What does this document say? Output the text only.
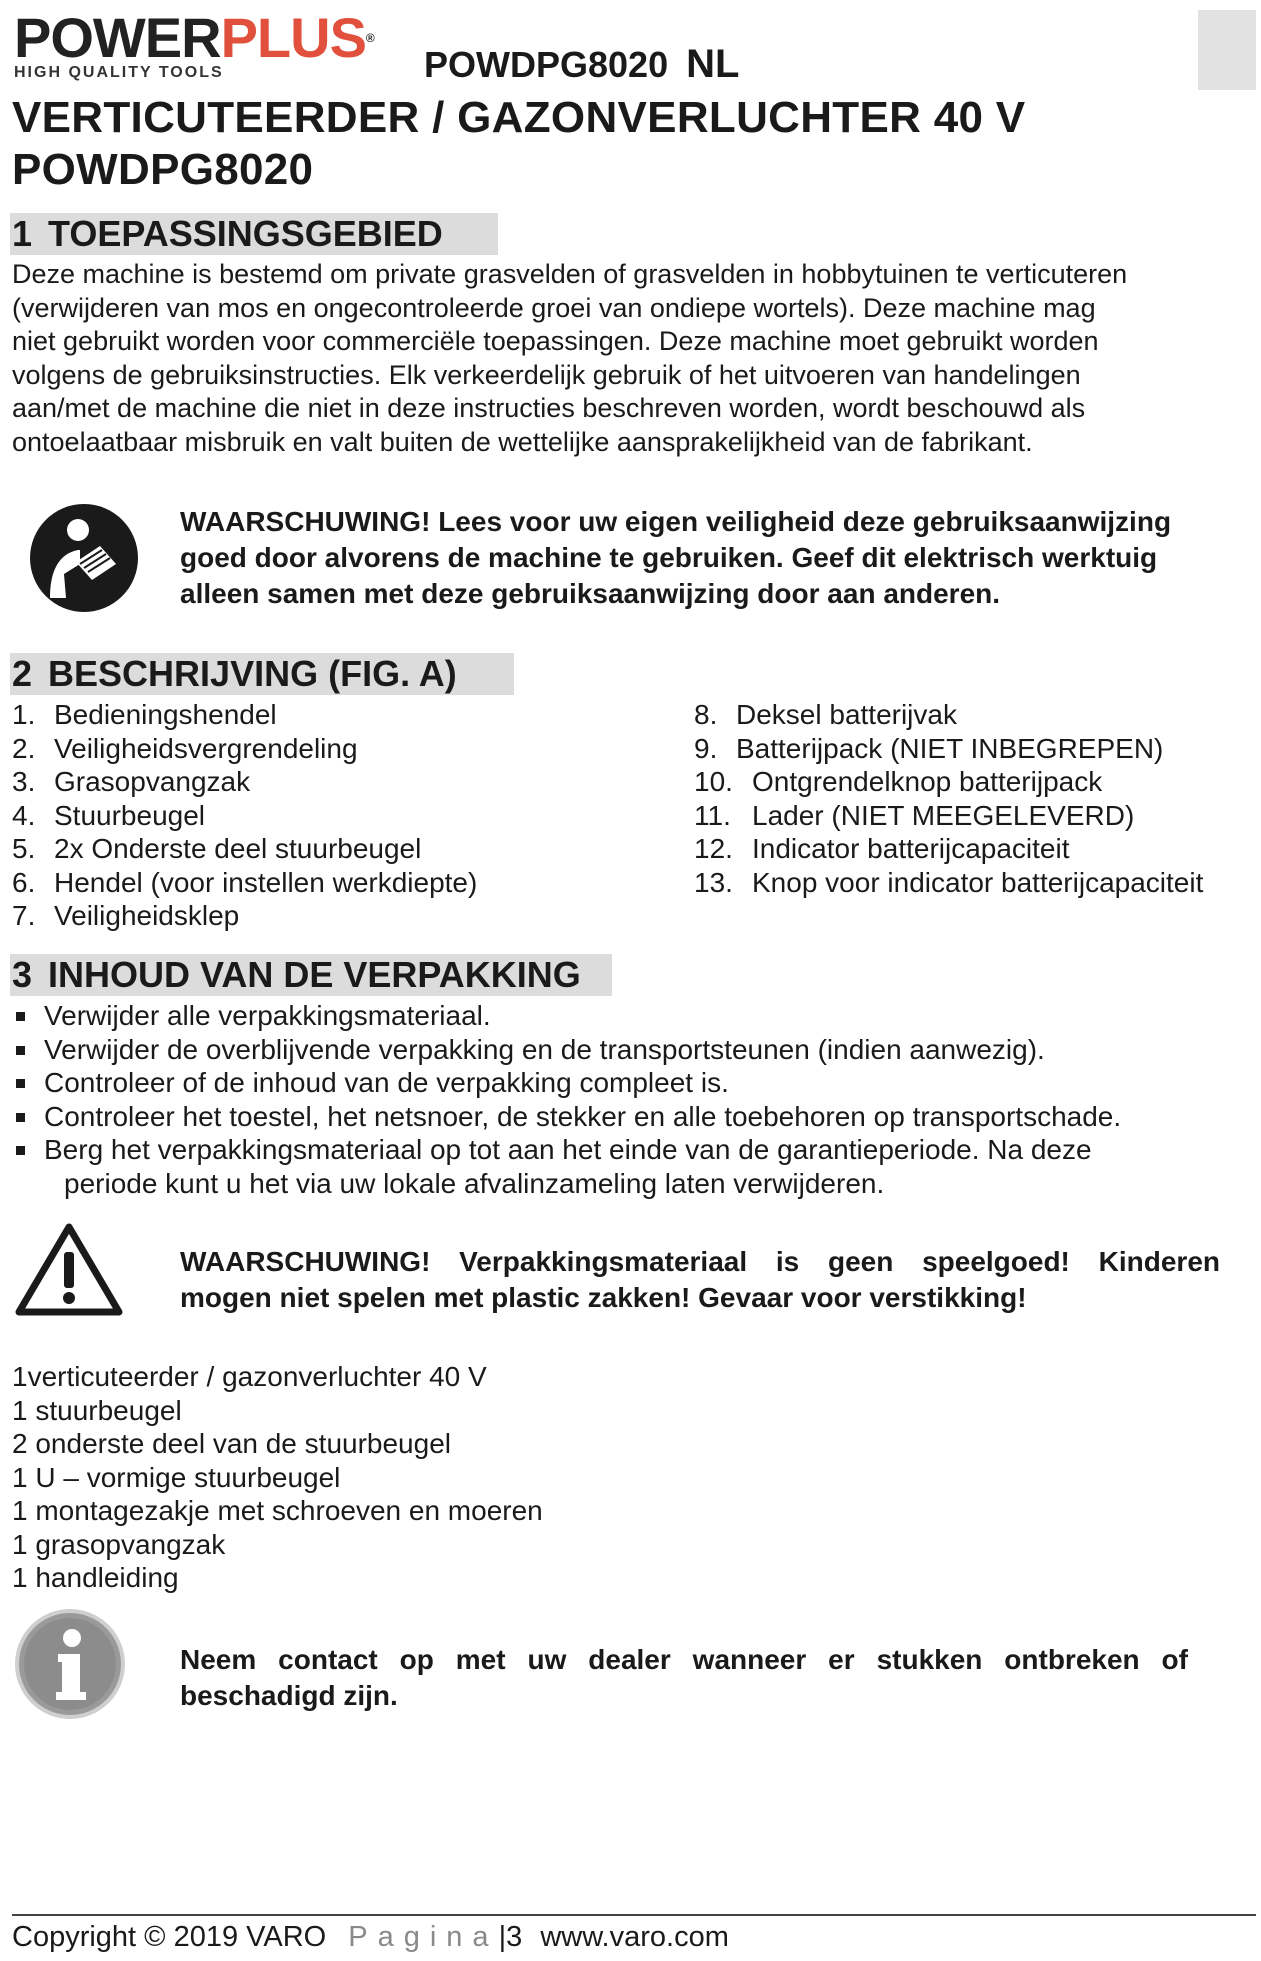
POWERPLUS®
HIGH QUALITY TOOLS	POWDPG8020 NL
VERTICUTEERDER / GAZONVERLUCHTER 40 V
POWDPG8020
1 TOEPASSINGSGEBIED
Deze machine is bestemd om private grasvelden of grasvelden in hobbytuinen te verticuteren
(verwijderen van mos en ongecontroleerde groei van ondiepe wortels). Deze machine mag
niet gebruikt worden voor commerciële toepassingen. Deze machine moet gebruikt worden
volgens de gebruiksinstructies. Elk verkeerdelijk gebruik of het uitvoeren van handelingen
aan/met de machine die niet in deze instructies beschreven worden, wordt beschouwd als
ontoelaatbaar misbruik en valt buiten de wettelijke aansprakelijkheid van de fabrikant.
WAARSCHUWING! Lees voor uw eigen veiligheid deze gebruiksaanwijzing
goed door alvorens de machine te gebruiken. Geef dit elektrisch werktuig
alleen samen met deze gebruiksaanwijzing door aan anderen.
2 BESCHRIJVING (FIG. A)
1. Bedieningshendel
2. Veiligheidsvergrendeling
3. Grasopvangzak
4. Stuurbeugel
5. 2x Onderste deel stuurbeugel
6. Hendel (voor instellen werkdiepte)
7. Veiligheidsklep
8. Deksel batterijvak
9. Batterijpack (NIET INBEGREPEN)
10. Ontgrendelknop batterijpack
11. Lader (NIET MEEGELEVERD)
12. Indicator batterijcapaciteit
13. Knop voor indicator batterijcapaciteit
3 INHOUD VAN DE VERPAKKING
Verwijder alle verpakkingsmateriaal.
Verwijder de overblijvende verpakking en de transportsteunen (indien aanwezig).
Controleer of de inhoud van de verpakking compleet is.
Controleer het toestel, het netsnoer, de stekker en alle toebehoren op transportschade.
Berg het verpakkingsmateriaal op tot aan het einde van de garantieperiode. Na deze
periode kunt u het via uw lokale afvalinzameling laten verwijderen.
WAARSCHUWING! Verpakkingsmateriaal is geen speelgoed! Kinderen
mogen niet spelen met plastic zakken! Gevaar voor verstikking!
1verticuteerder / gazonverluchter 40 V
1 stuurbeugel
2 onderste deel van de stuurbeugel
1 U – vormige stuurbeugel
1 montagezakje met schroeven en moeren
1 grasopvangzak
1 handleiding
Neem contact op met uw dealer wanneer er stukken ontbreken of
beschadigd zijn.
Copyright © 2019 VARO Pagina|3 www.varo.com
